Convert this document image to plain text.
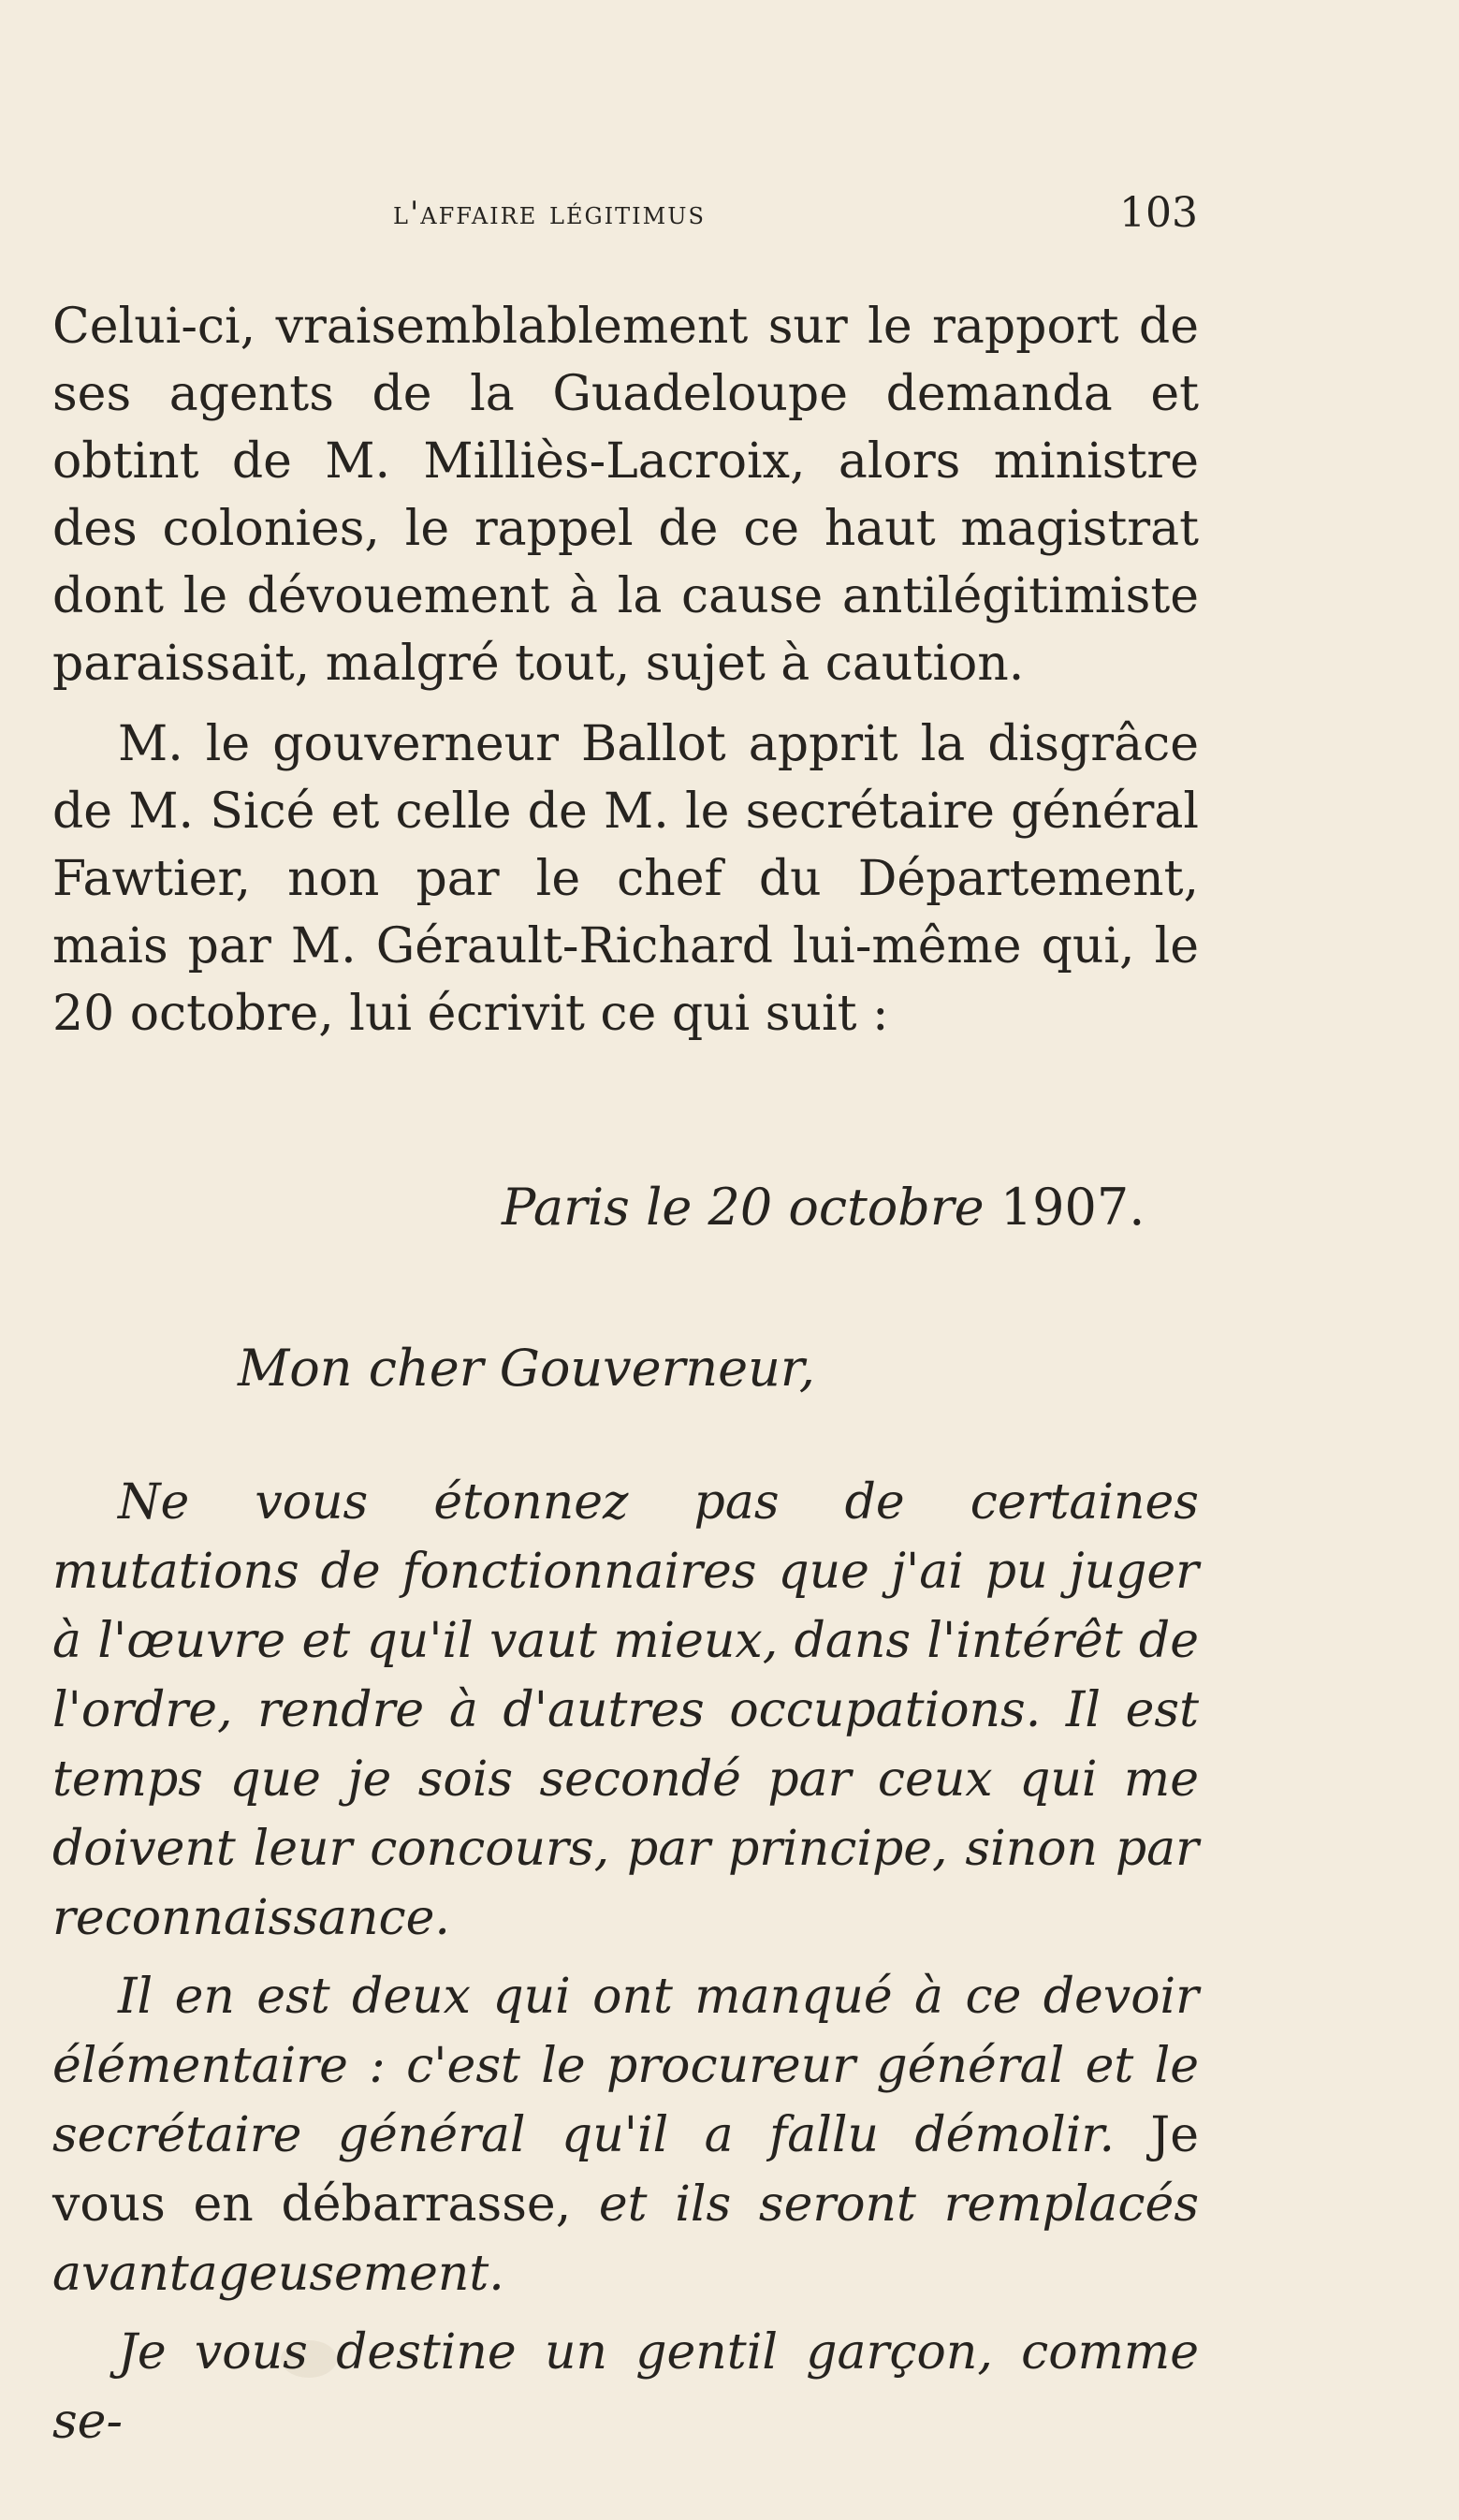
l'affaire légitimus	103

Celui-ci, vraisemblablement sur le rapport de ses agents de la Guadeloupe demanda et obtint de M. Milliès-Lacroix, alors ministre des colonies, le rappel de ce haut magistrat dont le dévouement à la cause antilégitimiste paraissait, malgré tout, sujet à caution.

M. le gouverneur Ballot apprit la disgrâce de M. Sicé et celle de M. le secrétaire général Fawtier, non par le chef du Département, mais par M. Gérault-Richard lui-même qui, le 20 octobre, lui écrivit ce qui suit :

Paris le 20 octobre 1907.
Mon cher Gouverneur,

Ne vous étonnez pas de certaines mutations de fonctionnaires que j'ai pu juger à l'œuvre et qu'il vaut mieux, dans l'intérêt de l'ordre, rendre à d'autres occupations. Il est temps que je sois secondé par ceux qui me doivent leur concours, par principe, sinon par reconnaissance.

Il en est deux qui ont manqué à ce devoir élémentaire : c'est le procureur général et le secrétaire général qu'il a fallu démolir. Je vous en débarrasse, et ils seront remplacés avantageusement.

Je vous destine un gentil garçon, comme se-
